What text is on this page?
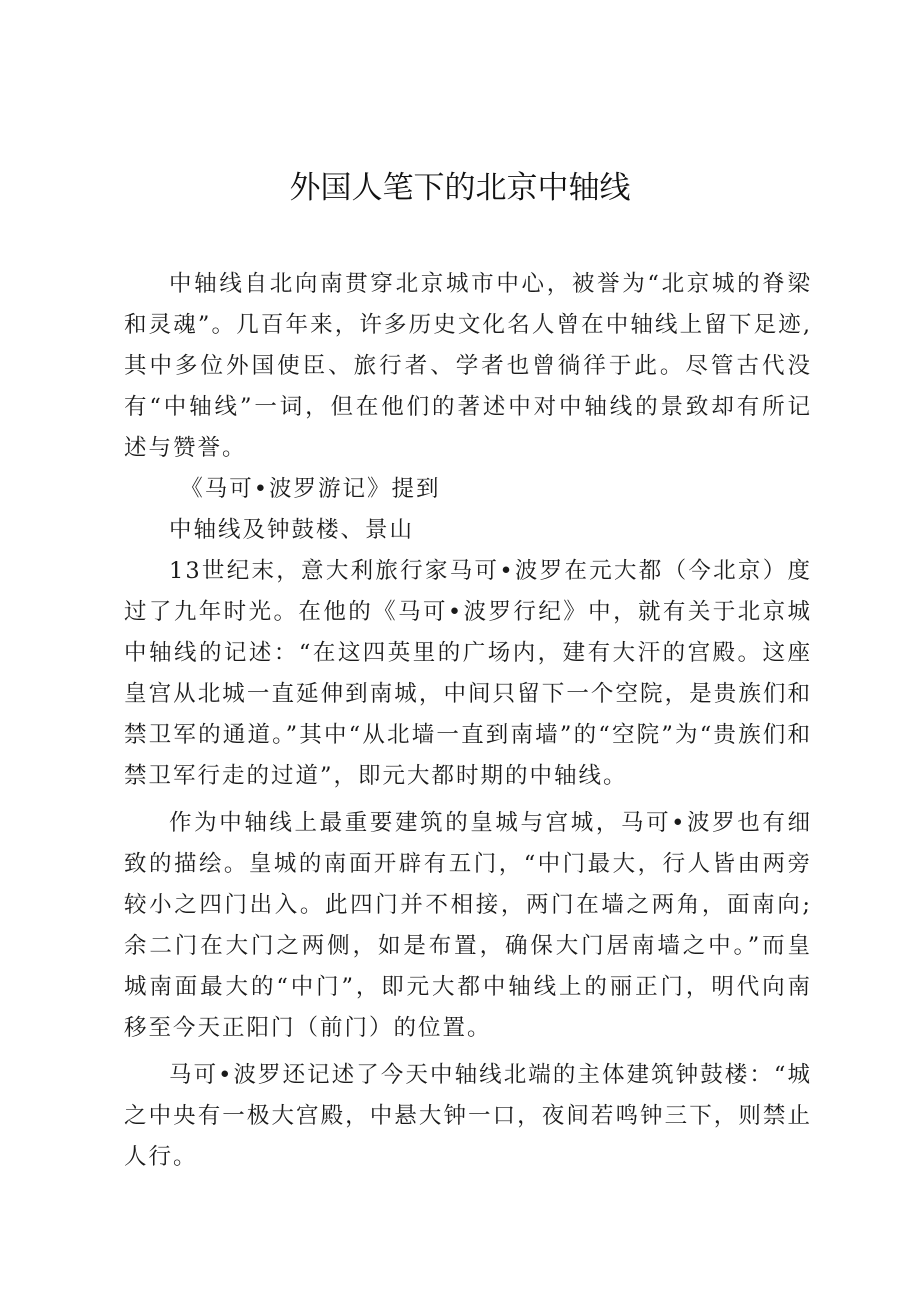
外国人笔下的北京中轴线

中轴线自北向南贯穿北京城市中心，被誉为“北京城的脊梁和灵魂”。几百年来，许多历史文化名人曾在中轴线上留下足迹,其中多位外国使臣、旅行者、学者也曾徜徉于此。尽管古代没有“中轴线”一词，但在他们的著述中对中轴线的景致却有所记述与赞誉。

《马可•波罗游记》提到

中轴线及钟鼓楼、景山

13世纪末，意大利旅行家马可•波罗在元大都（今北京）度过了九年时光。在他的《马可•波罗行纪》中，就有关于北京城中轴线的记述：“在这四英里的广场内，建有大汗的宫殿。这座皇宫从北城一直延伸到南城，中间只留下一个空院，是贵族们和禁卫军的通道。”其中“从北墙一直到南墙”的“空院”为“贵族们和禁卫军行走的过道”，即元大都时期的中轴线。

作为中轴线上最重要建筑的皇城与宫城，马可•波罗也有细致的描绘。皇城的南面开辟有五门，“中门最大，行人皆由两旁较小之四门出入。此四门并不相接，两门在墙之两角，面南向;余二门在大门之两侧，如是布置，确保大门居南墙之中。”而皇城南面最大的“中门”，即元大都中轴线上的丽正门，明代向南移至今天正阳门（前门）的位置。

马可•波罗还记述了今天中轴线北端的主体建筑钟鼓楼：“城之中央有一极大宫殿，中悬大钟一口，夜间若鸣钟三下，则禁止人行。
